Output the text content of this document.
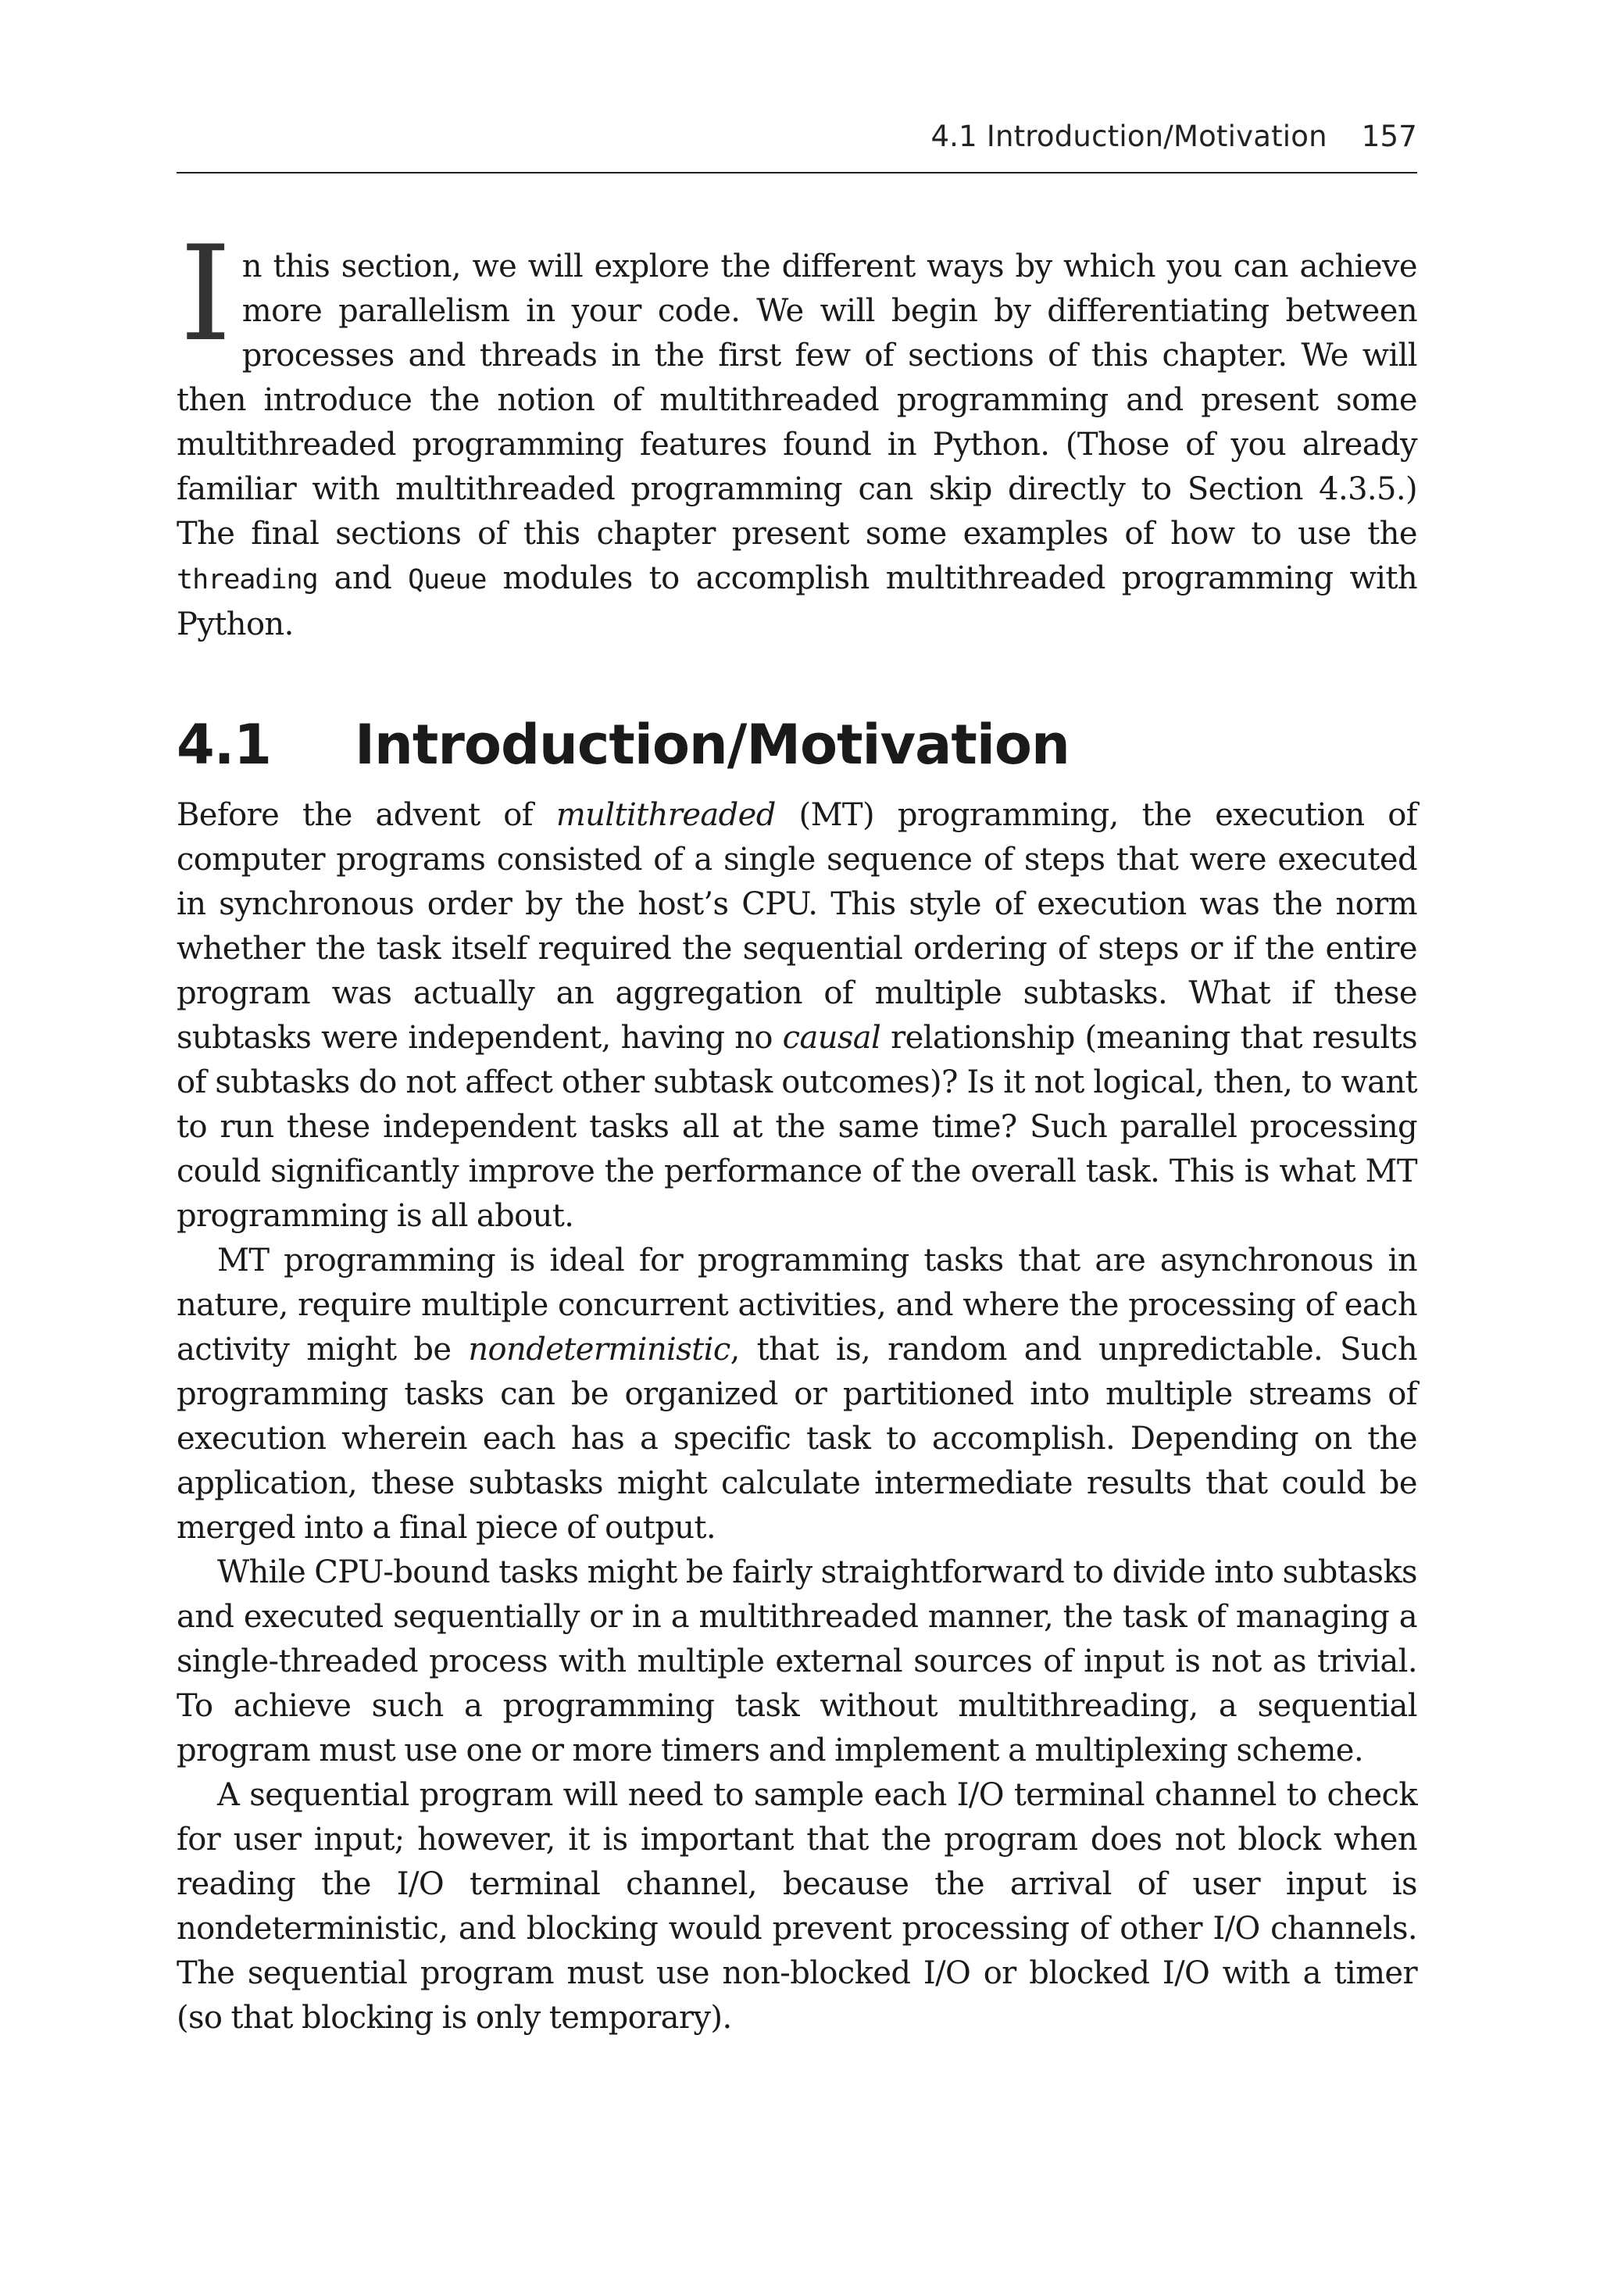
4.1 Introduction/Motivation 157
In this section, we will explore the different ways by which you can achieve more parallelism in your code. We will begin by differentiating between processes and threads in the first few of sections of this chapter. We will then introduce the notion of multithreaded programming and present some multithreaded programming features found in Python. (Those of you already familiar with multithreaded programming can skip directly to Section 4.3.5.) The final sections of this chapter present some examples of how to use the threading and Queue modules to accomplish multithreaded programming with Python.
4.1 Introduction/Motivation

Before the advent of multithreaded (MT) programming, the execution of computer programs consisted of a single sequence of steps that were executed in synchronous order by the host’s CPU. This style of execution was the norm whether the task itself required the sequential ordering of steps or if the entire program was actually an aggregation of multiple subtasks. What if these subtasks were independent, having no causal relationship (meaning that results of subtasks do not affect other subtask outcomes)? Is it not logical, then, to want to run these independent tasks all at the same time? Such parallel processing could significantly improve the performance of the overall task. This is what MT programming is all about.

MT programming is ideal for programming tasks that are asynchronous in nature, require multiple concurrent activities, and where the processing of each activity might be nondeterministic, that is, random and unpredictable. Such programming tasks can be organized or partitioned into multiple streams of execution wherein each has a specific task to accomplish. Depending on the application, these subtasks might calculate intermediate results that could be merged into a final piece of output.

While CPU-bound tasks might be fairly straightforward to divide into subtasks and executed sequentially or in a multithreaded manner, the task of managing a single-threaded process with multiple external sources of input is not as trivial. To achieve such a programming task without multithreading, a sequential program must use one or more timers and implement a multiplexing scheme.

A sequential program will need to sample each I/O terminal channel to check for user input; however, it is important that the program does not block when reading the I/O terminal channel, because the arrival of user input is nondeterministic, and blocking would prevent processing of other I/O channels. The sequential program must use non-blocked I/O or blocked I/O with a timer (so that blocking is only temporary).
